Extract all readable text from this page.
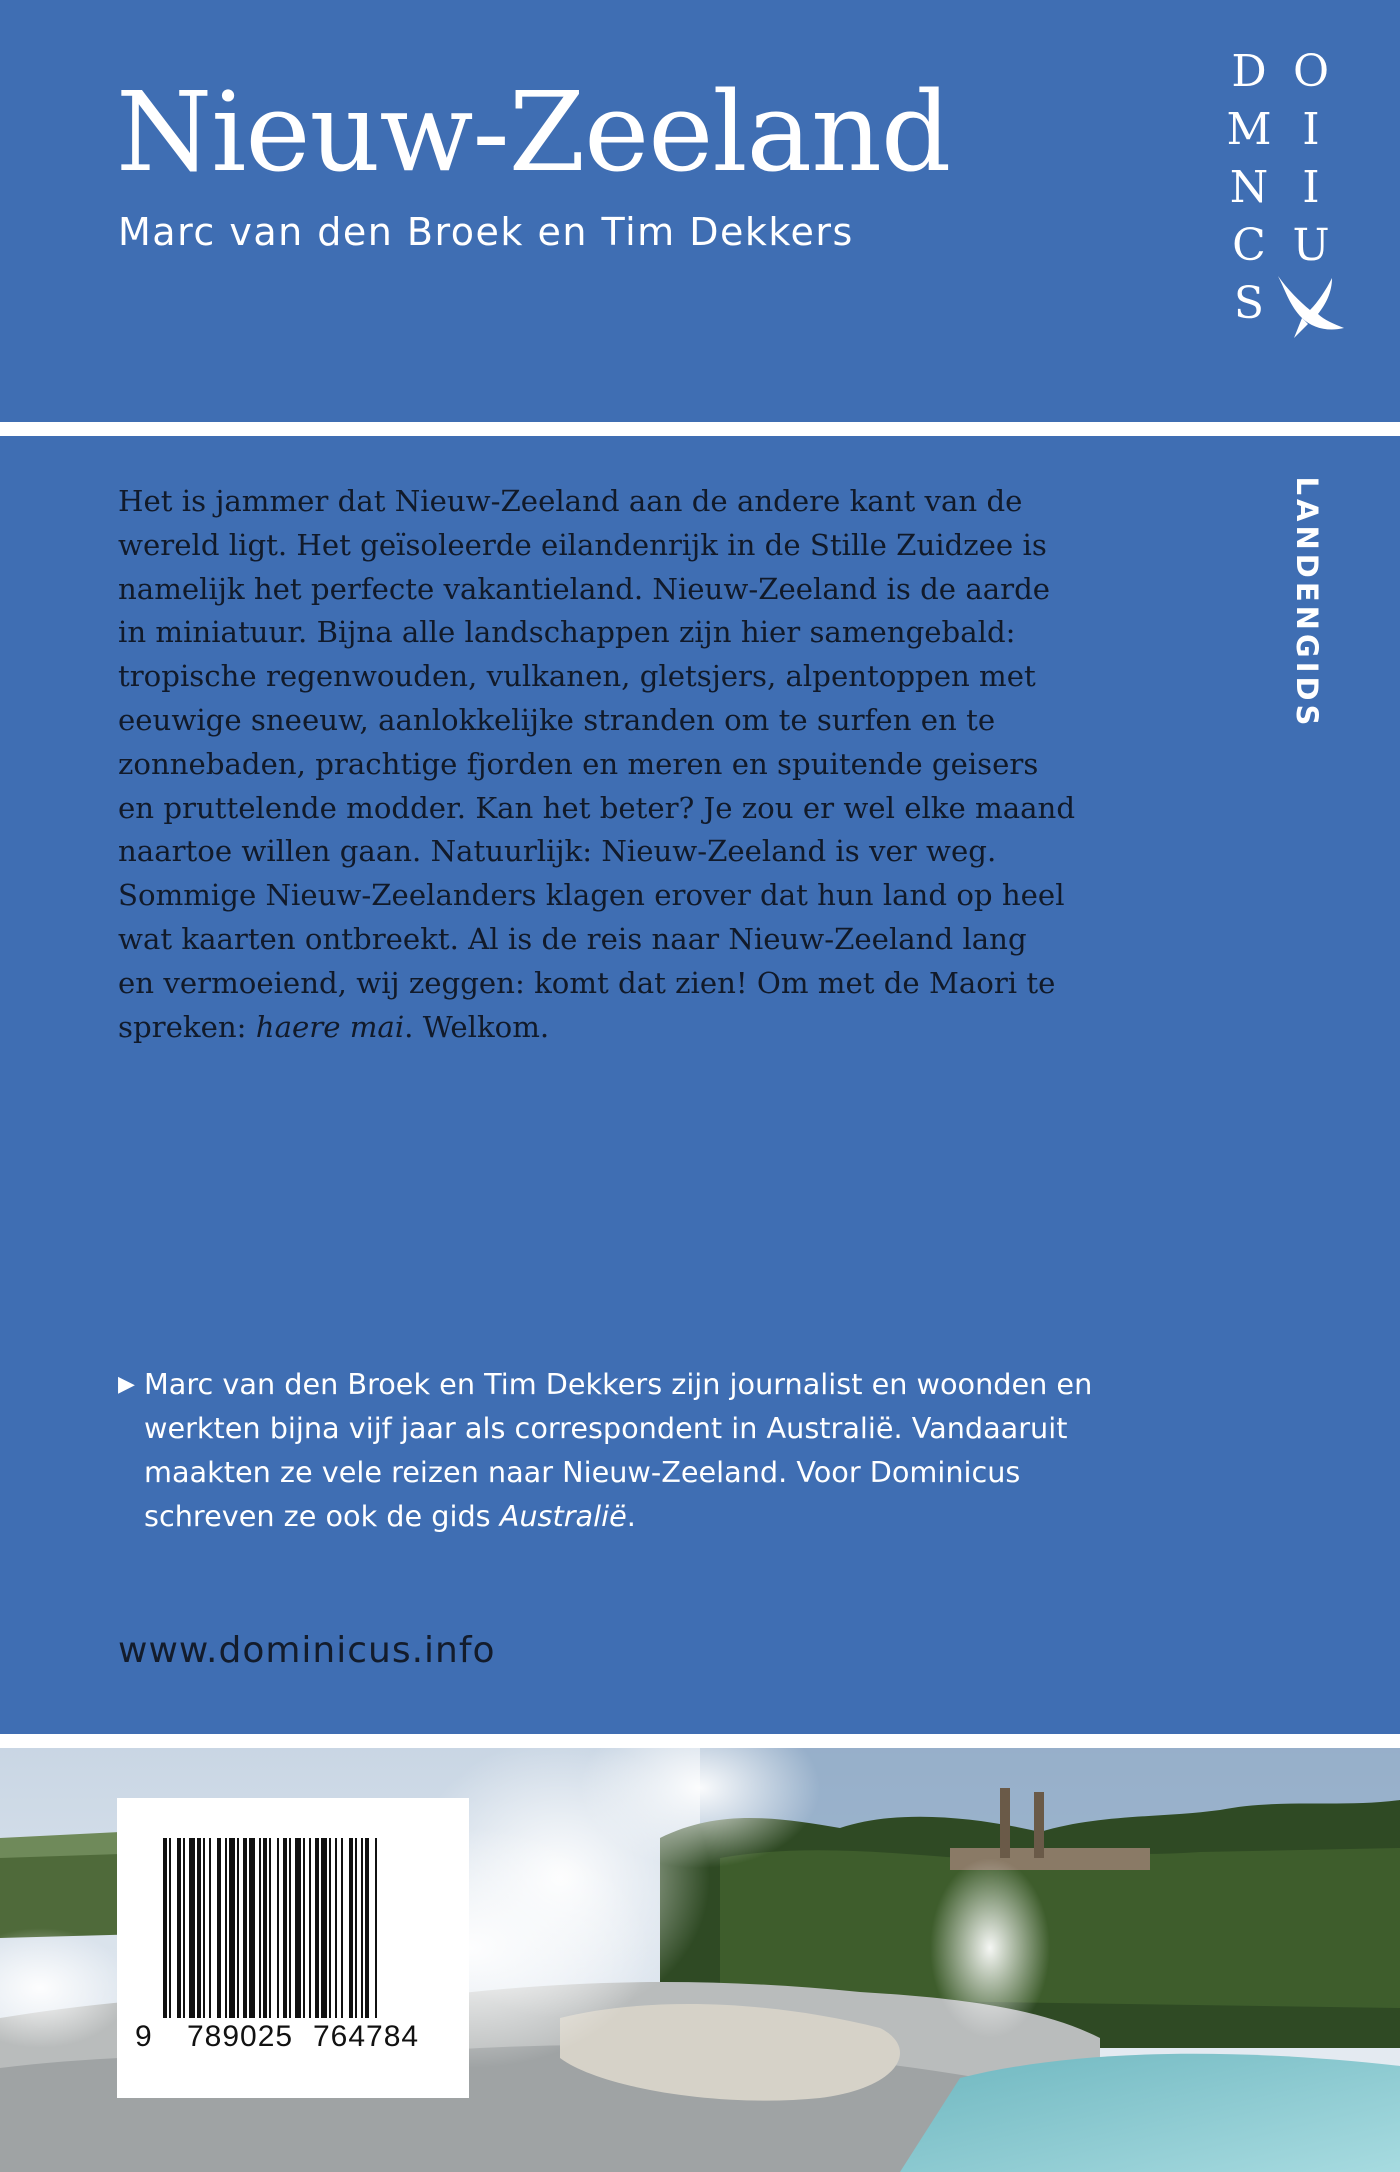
Nieuw-Zeeland

Marc van den Broek en Tim Dekkers

D O
M I
N I
C U
S
LANDENGIDS

Het is jammer dat Nieuw-Zeeland aan de andere kant van de
wereld ligt. Het geïsoleerde eilandenrijk in de Stille Zuidzee is
namelijk het perfecte vakantieland. Nieuw-Zeeland is de aarde
in miniatuur. Bijna alle landschappen zijn hier samengebald:
tropische regenwouden, vulkanen, gletsjers, alpentoppen met
eeuwige sneeuw, aanlokkelijke stranden om te surfen en te
zonnebaden, prachtige fjorden en meren en spuitende geisers
en pruttelende modder. Kan het beter? Je zou er wel elke maand
naartoe willen gaan. Natuurlijk: Nieuw-Zeeland is ver weg.
Sommige Nieuw-Zeelanders klagen erover dat hun land op heel
wat kaarten ontbreekt. Al is de reis naar Nieuw-Zeeland lang
en vermoeiend, wij zeggen: komt dat zien! Om met de Maori te
spreken: haere mai. Welkom.

▶ Marc van den Broek en Tim Dekkers zijn journalist en woonden en
werkten bijna vijf jaar als correspondent in Australië. Vandaaruit
maakten ze vele reizen naar Nieuw-Zeeland. Voor Dominicus
schreven ze ook de gids Australië.
www.dominicus.info
9 789025 764784
